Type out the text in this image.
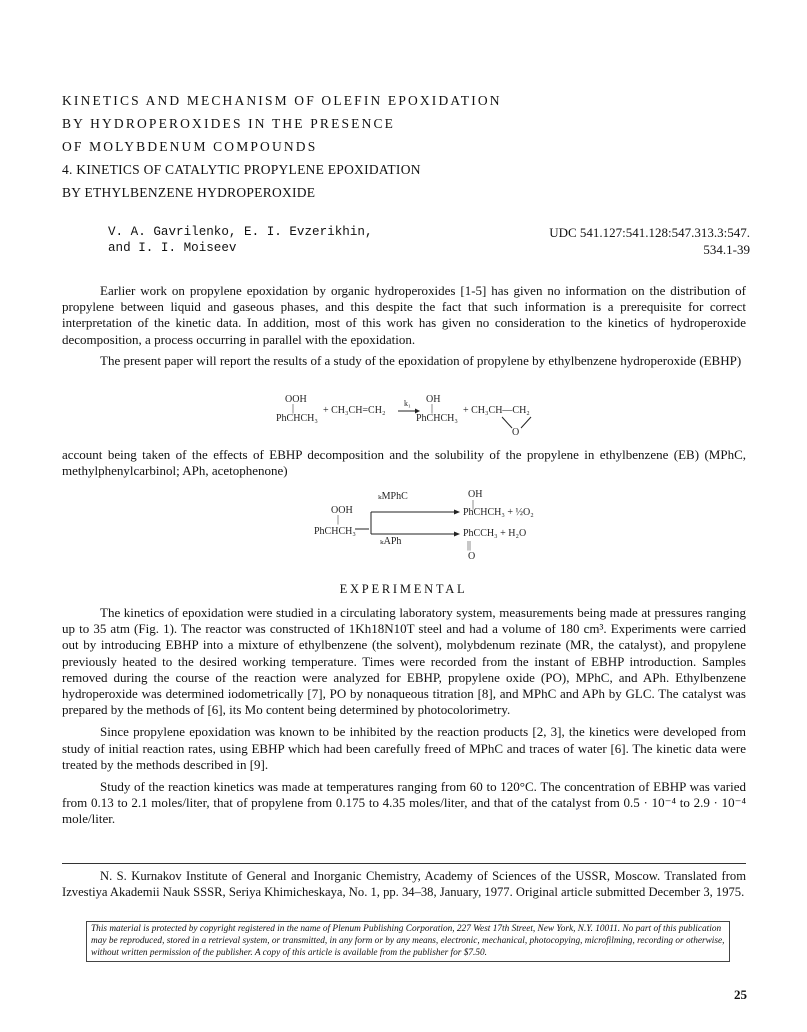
KINETICS AND MECHANISM OF OLEFIN EPOXIDATION
BY HYDROPEROXIDES IN THE PRESENCE
OF MOLYBDENUM COMPOUNDS
4. KINETICS OF CATALYTIC PROPYLENE EPOXIDATION
BY ETHYLBENZENE HYDROPEROXIDE
V. A. Gavrilenko, E. I. Evzerikhin,
and I. I. Moiseev
UDC 541.127:541.128:547.313.3:547.
534.1-39

Earlier work on propylene epoxidation by organic hydroperoxides [1-5] has given no information on the distribution of propylene between liquid and gaseous phases, and this despite the fact that such information is a prerequisite for correct interpretation of the kinetic data. In addition, most of this work has given no consideration to the kinetics of hydroperoxide decomposition, a process occurring in parallel with the epoxidation.

The present paper will report the results of a study of the epoxidation of propylene by ethylbenzene hydroperoxide (EBHP)

OOH
|
PhCHCH₃
+ CH₃CH=CH₂
k₁ OH
|
PhCHCH₃
+ CH₃CH—CH₂
O

account being taken of the effects of EBHP decomposition and the solubility of the propylene in ethylbenzene (EB) (MPhC, methylphenylcarbinol; APh, acetophenone)

ₖMPhC	OH
|
OOH
|
PhCHCH₃
PhCHCH₃ + ½O₂
ₖAPh
PhCCH₃ + H₂O
||
O
EXPERIMENTAL

The kinetics of epoxidation were studied in a circulating laboratory system, measurements being made at pressures ranging up to 35 atm (Fig. 1). The reactor was constructed of 1Kh18N10T steel and had a volume of 180 cm³. Experiments were carried out by introducing EBHP into a mixture of ethylbenzene (the solvent), molybdenum rezinate (MR, the catalyst), and propylene previously heated to the desired working temperature. Times were recorded from the instant of EBHP introduction. Samples removed during the course of the reaction were analyzed for EBHP, propylene oxide (PO), MPhC, and APh. Ethylbenzene hydroperoxide was determined iodometrically [7], PO by nonaqueous titration [8], and MPhC and APh by GLC. The catalyst was prepared by the methods of [6], its Mo content being determined by photocolorimetry.

Since propylene epoxidation was known to be inhibited by the reaction products [2, 3], the kinetics were developed from study of initial reaction rates, using EBHP which had been carefully freed of MPhC and traces of water [6]. The kinetic data were treated by the methods described in [9].

Study of the reaction kinetics was made at temperatures ranging from 60 to 120°C. The concentration of EBHP was varied from 0.13 to 2.1 moles/liter, that of propylene from 0.175 to 4.35 moles/liter, and that of the catalyst from 0.5 · 10⁻⁴ to 2.9 · 10⁻⁴ mole/liter.

N. S. Kurnakov Institute of General and Inorganic Chemistry, Academy of Sciences of the USSR, Moscow. Translated from Izvestiya Akademii Nauk SSSR, Seriya Khimicheskaya, No. 1, pp. 34–38, January, 1977. Original article submitted December 3, 1975.

This material is protected by copyright registered in the name of Plenum Publishing Corporation, 227 West 17th Street, New York, N.Y. 10011. No part of this publication may be reproduced, stored in a retrieval system, or transmitted, in any form or by any means, electronic, mechanical, photocopying, microfilming, recording or otherwise, without written permission of the publisher. A copy of this article is available from the publisher for $7.50.
25
